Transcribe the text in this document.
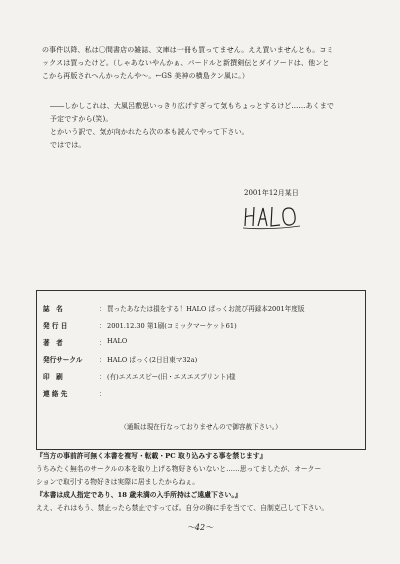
の事件以降、私は〇間書店の雑誌、文庫は一冊も買ってません。ええ買いませんとも。コミ

ックスは買ったけど。（しゃあないやんかぁ、パードルと新撰剣伝とダイソードは、他ンと

こから再版されへんかったんや〜。←GS 美神の横島クン風に。）

――しかしこれは、大風呂敷思いっきり広げすぎって気もちょっとするけど……あくまで

予定ですから(笑)。

とかいう訳で、気が向かれたら次の本も読んでやって下さい。

ではでは。

2001年12月某日
誌　名	： 買ったあなたは損をする！HALO ぱっくお詫び再録本2001年度版
発 行 日	： 2001.12.30 第1刷(コミックマーケット61)
著　者	： HALO
発行サークル	： HALO ぱっく(2日目東マ32a)
印　刷	： (有)エスエスピー(旧・エスエスプリント)様
連 絡 先	：
（通販は現在行なっておりませんので御容赦下さい。）

『当方の事前許可無く本書を複写・転載・PC 取り込みする事を禁じます』

うちみたく無名のサークルの本を取り上げる物好きもいないと……思ってましたが、オークー

ションで取引する物好きは実際に居ましたからねぇ。

『本書は成人指定であり、18 歳未満の入手所持はご遠慮下さい。』

ええ、それはもう、禁止ったら禁止ですってば。自分の胸に手を当てて、自制克己して下さい。

〜42〜
